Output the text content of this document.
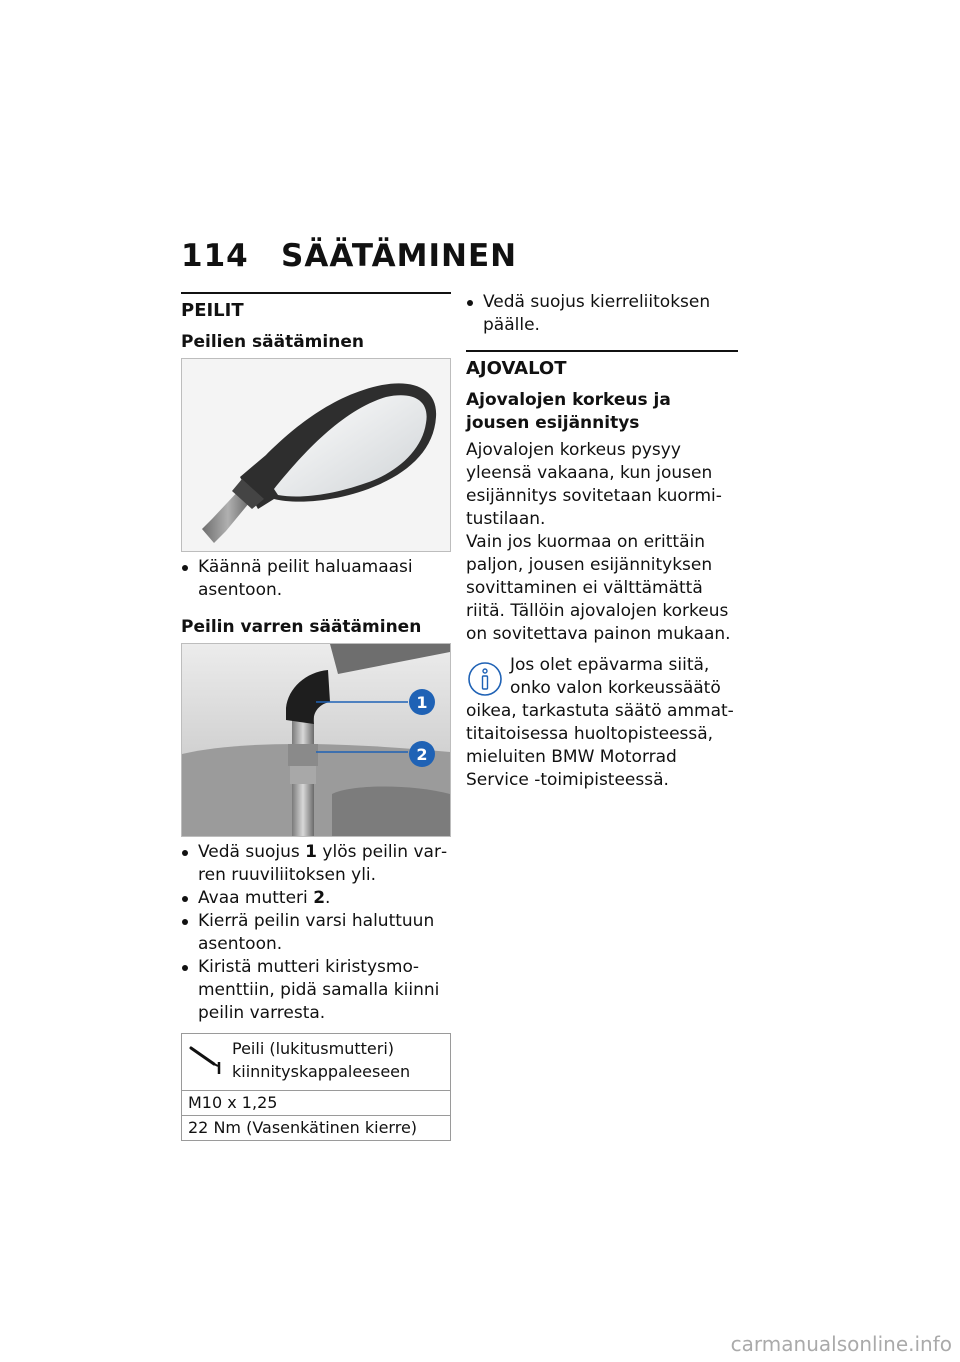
114 SÄÄTÄMINEN
PEILIT
Peilien säätäminen
Käännä peilit haluamaasi asentoon.
Peilin varren säätäminen
1
2
Vedä suojus 1 ylös peilin varren ruuviliitoksen yli.
Avaa mutteri 2.
Kierrä peilin varsi haluttuun asentoon.
Kiristä mutteri kiristysmomenttiin, pidä samalla kiinni peilin varresta.
Peili (lukitusmutteri)
kiinnityskappaleeseen
M10 x 1,25
22 Nm (Vasenkätinen kierre)
Vedä suojus kierreliitoksen päälle.
AJOVALOT
Ajovalojen korkeus ja jousen esijännitys

Ajovalojen korkeus pysyy yleensä vakaana, kun jousen esijännitys sovitetaan kuormitustilaan.

Vain jos kuormaa on erittäin paljon, jousen esijännityksen sovittaminen ei välttämättä riitä. Tällöin ajovalojen korkeus on sovitettava painon mukaan.

Jos olet epävarma siitä,
onko valon korkeussäätö
oikea, tarkastuta säätö ammattitaitoisessa huoltopisteessä, mieluiten BMW Motorrad Service -toimipisteessä.
carmanualsonline.info
